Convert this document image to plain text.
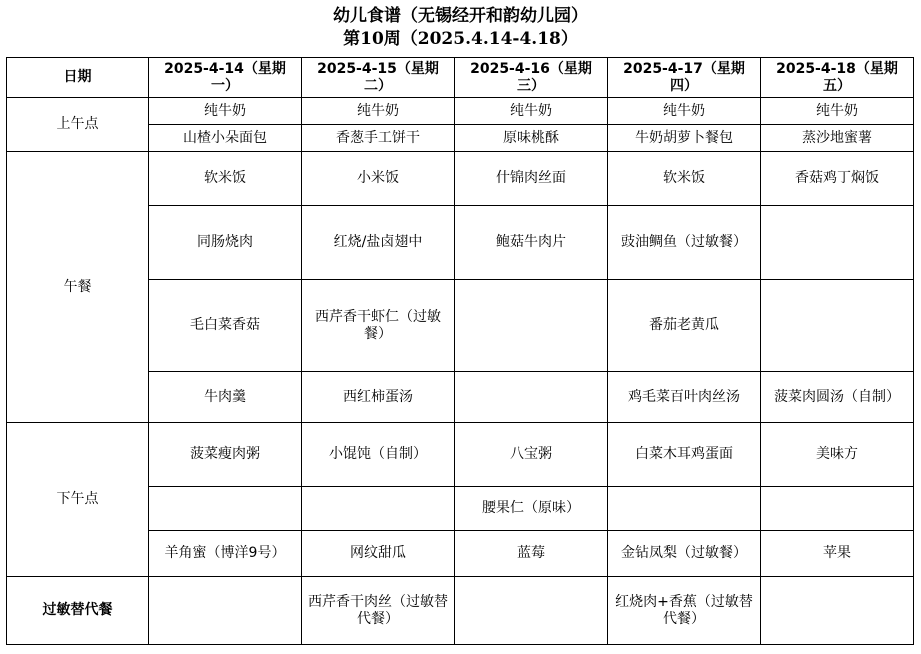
幼儿食谱（无锡经开和韵幼儿园）
第10周（2025.4.14-4.18）
日期	2025-4-14（星期一）	2025-4-15（星期二）	2025-4-16（星期三）	2025-4-17（星期四）	2025-4-18（星期五）
上午点	纯牛奶	纯牛奶	纯牛奶	纯牛奶	纯牛奶
	山楂小朵面包	香葱手工饼干	原味桃酥	牛奶胡萝卜餐包	蒸沙地蜜薯
午餐	软米饭	小米饭	什锦肉丝面	软米饭	香菇鸡丁焖饭
	同肠烧肉	红烧/盐卤翅中	鲍菇牛肉片	豉油鲷鱼（过敏餐）	
	毛白菜香菇	西芹香干虾仁（过敏餐）		番茄老黄瓜	
	牛肉羹	西红柿蛋汤		鸡毛菜百叶肉丝汤	菠菜肉圆汤（自制）
下午点	菠菜瘦肉粥	小馄饨（自制）	八宝粥	白菜木耳鸡蛋面	美味方
			腰果仁（原味）		
	羊角蜜（博洋9号）	网纹甜瓜	蓝莓	金钻凤梨（过敏餐）	苹果
过敏替代餐		西芹香干肉丝（过敏替代餐）		红烧肉+香蕉（过敏替代餐）	
